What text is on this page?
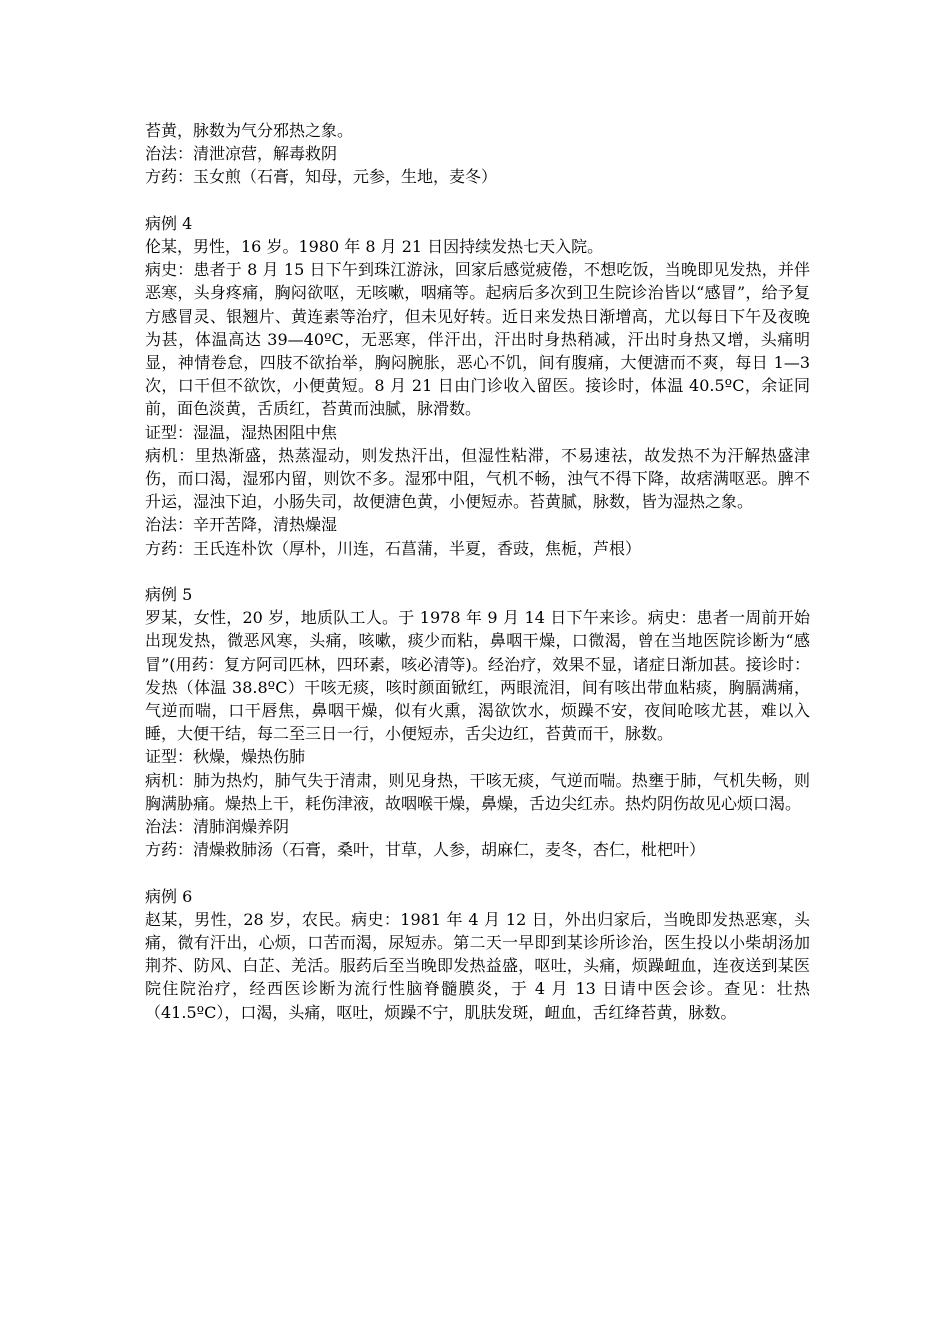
苔黄，脉数为气分邪热之象。

治法：清泄凉营，解毒救阴

方药：玉女煎（石膏，知母，元参，生地，麦冬）

病例 4

伦某，男性，16 岁。1980 年 8 月 21 日因持续发热七天入院。

病史：患者于 8 月 15 日下午到珠江游泳，回家后感觉疲倦，不想吃饭，当晚即见发热，并伴恶寒，头身疼痛，胸闷欲呕，无咳嗽，咽痛等。起病后多次到卫生院诊治皆以“感冒”，给予复方感冒灵、银翘片、黄连素等治疗，但未见好转。近日来发热日渐增高，尤以每日下午及夜晚为甚，体温高达 39—40ºC，无恶寒，伴汗出，汗出时身热稍减，汗出时身热又增，头痛明显，神情卷怠，四肢不欲抬举，胸闷腕胀，恶心不饥，间有腹痛，大便溏而不爽，每日 1—3 次，口干但不欲饮，小便黄短。8 月 21 日由门诊收入留医。接诊时，体温 40.5ºC，余证同前，面色淡黄，舌质红，苔黄而浊腻，脉滑数。

证型：湿温，湿热困阻中焦

病机：里热渐盛，热蒸湿动，则发热汗出，但湿性粘滞，不易速祛，故发热不为汗解热盛津伤，而口渴，湿邪内留，则饮不多。湿邪中阻，气机不畅，浊气不得下降，故痞满呕恶。脾不升运，湿浊下迫，小肠失司，故便溏色黄，小便短赤。苔黄腻，脉数，皆为湿热之象。

治法：辛开苦降，清热燥湿

方药：王氏连朴饮（厚朴，川连，石菖蒲，半夏，香豉，焦栀，芦根）

病例 5

罗某，女性，20 岁，地质队工人。于 1978 年 9 月 14 日下午来诊。病史：患者一周前开始出现发热，微恶风寒，头痛，咳嗽，痰少而粘，鼻咽干燥，口微渴，曾在当地医院诊断为“感冒”(用药：复方阿司匹林，四环素，咳必清等)。经治疗，效果不显，诸症日渐加甚。接诊时：发热（体温 38.8ºC）干咳无痰，咳时颜面锨红，两眼流泪，间有咳出带血粘痰，胸膈满痛，气逆而喘，口干唇焦，鼻咽干燥，似有火熏，渴欲饮水，烦躁不安，夜间呛咳尤甚，难以入睡，大便干结，每二至三日一行，小便短赤，舌尖边红，苔黄而干，脉数。

证型：秋燥，燥热伤肺

病机：肺为热灼，肺气失于清肃，则见身热，干咳无痰，气逆而喘。热壅于肺，气机失畅，则胸满胁痛。燥热上干，耗伤津液，故咽喉干燥，鼻燥，舌边尖红赤。热灼阴伤故见心烦口渴。

治法：清肺润燥养阴

方药：清燥救肺汤（石膏，桑叶，甘草，人参，胡麻仁，麦冬，杏仁，枇杷叶）

病例 6

赵某，男性，28 岁，农民。病史：1981 年 4 月 12 日，外出归家后，当晚即发热恶寒，头痛，微有汗出，心烦，口苦而渴，尿短赤。第二天一早即到某诊所诊治，医生投以小柴胡汤加荆芥、防风、白芷、羌活。服药后至当晚即发热益盛，呕吐，头痛，烦躁衄血，连夜送到某医院住院治疗，经西医诊断为流行性脑脊髓膜炎，于 4 月 13 日请中医会诊。查见：壮热（41.5ºC），口渴，头痛，呕吐，烦躁不宁，肌肤发斑，衄血，舌红绛苔黄，脉数。
